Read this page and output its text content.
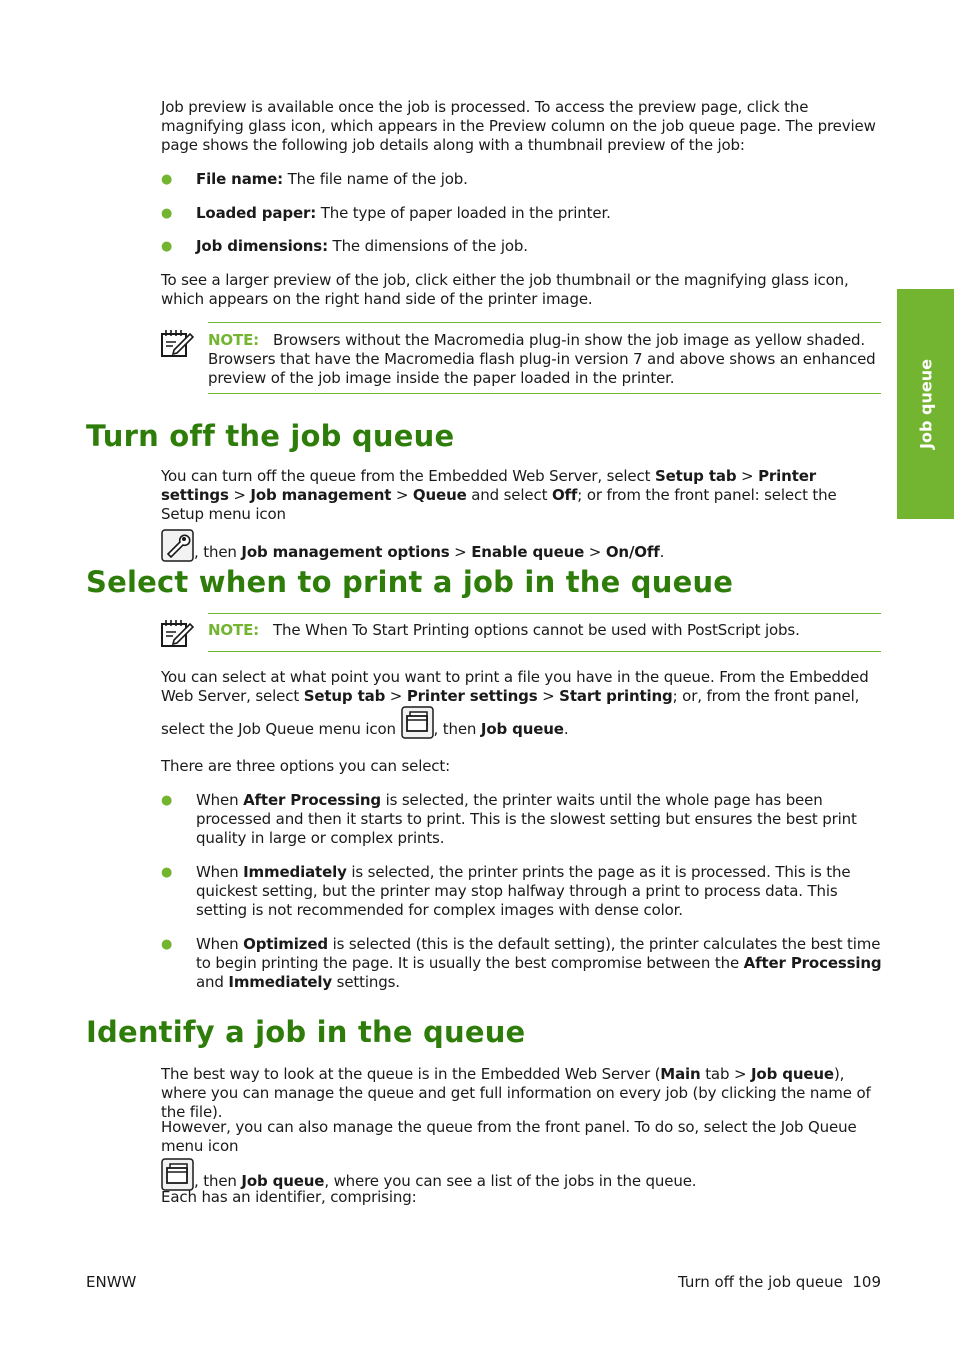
Job queue
Job preview is available once the job is processed. To access the preview page, click the magnifying glass icon, which appears in the Preview column on the job queue page. The preview page shows the following job details along with a thumbnail preview of the job:
● File name: The file name of the job.
● Loaded paper: The type of paper loaded in the printer.
● Job dimensions: The dimensions of the job.
To see a larger preview of the job, click either the job thumbnail or the magnifying glass icon, which appears on the right hand side of the printer image.
NOTE: Browsers without the Macromedia plug-in show the job image as yellow shaded. Browsers that have the Macromedia flash plug-in version 7 and above shows an enhanced preview of the job image inside the paper loaded in the printer.
Turn off the job queue
You can turn off the queue from the Embedded Web Server, select Setup tab > Printer settings > Job management > Queue and select Off; or from the front panel: select the Setup menu icon
, then Job management options > Enable queue > On/Off.
Select when to print a job in the queue
NOTE: The When To Start Printing options cannot be used with PostScript jobs.
You can select at what point you want to print a file you have in the queue. From the Embedded Web Server, select Setup tab > Printer settings > Start printing; or, from the front panel, select the Job Queue menu icon , then Job queue.
There are three options you can select:
● When After Processing is selected, the printer waits until the whole page has been processed and then it starts to print. This is the slowest setting but ensures the best print quality in large or complex prints.
● When Immediately is selected, the printer prints the page as it is processed. This is the quickest setting, but the printer may stop halfway through a print to process data. This setting is not recommended for complex images with dense color.
● When Optimized is selected (this is the default setting), the printer calculates the best time to begin printing the page. It is usually the best compromise between the After Processing and Immediately settings.
Identify a job in the queue
The best way to look at the queue is in the Embedded Web Server (Main tab > Job queue), where you can manage the queue and get full information on every job (by clicking the name of the file).
However, you can also manage the queue from the front panel. To do so, select the Job Queue menu icon
, then Job queue, where you can see a list of the jobs in the queue.
Each has an identifier, comprising:
ENWW	Turn off the job queue 109
